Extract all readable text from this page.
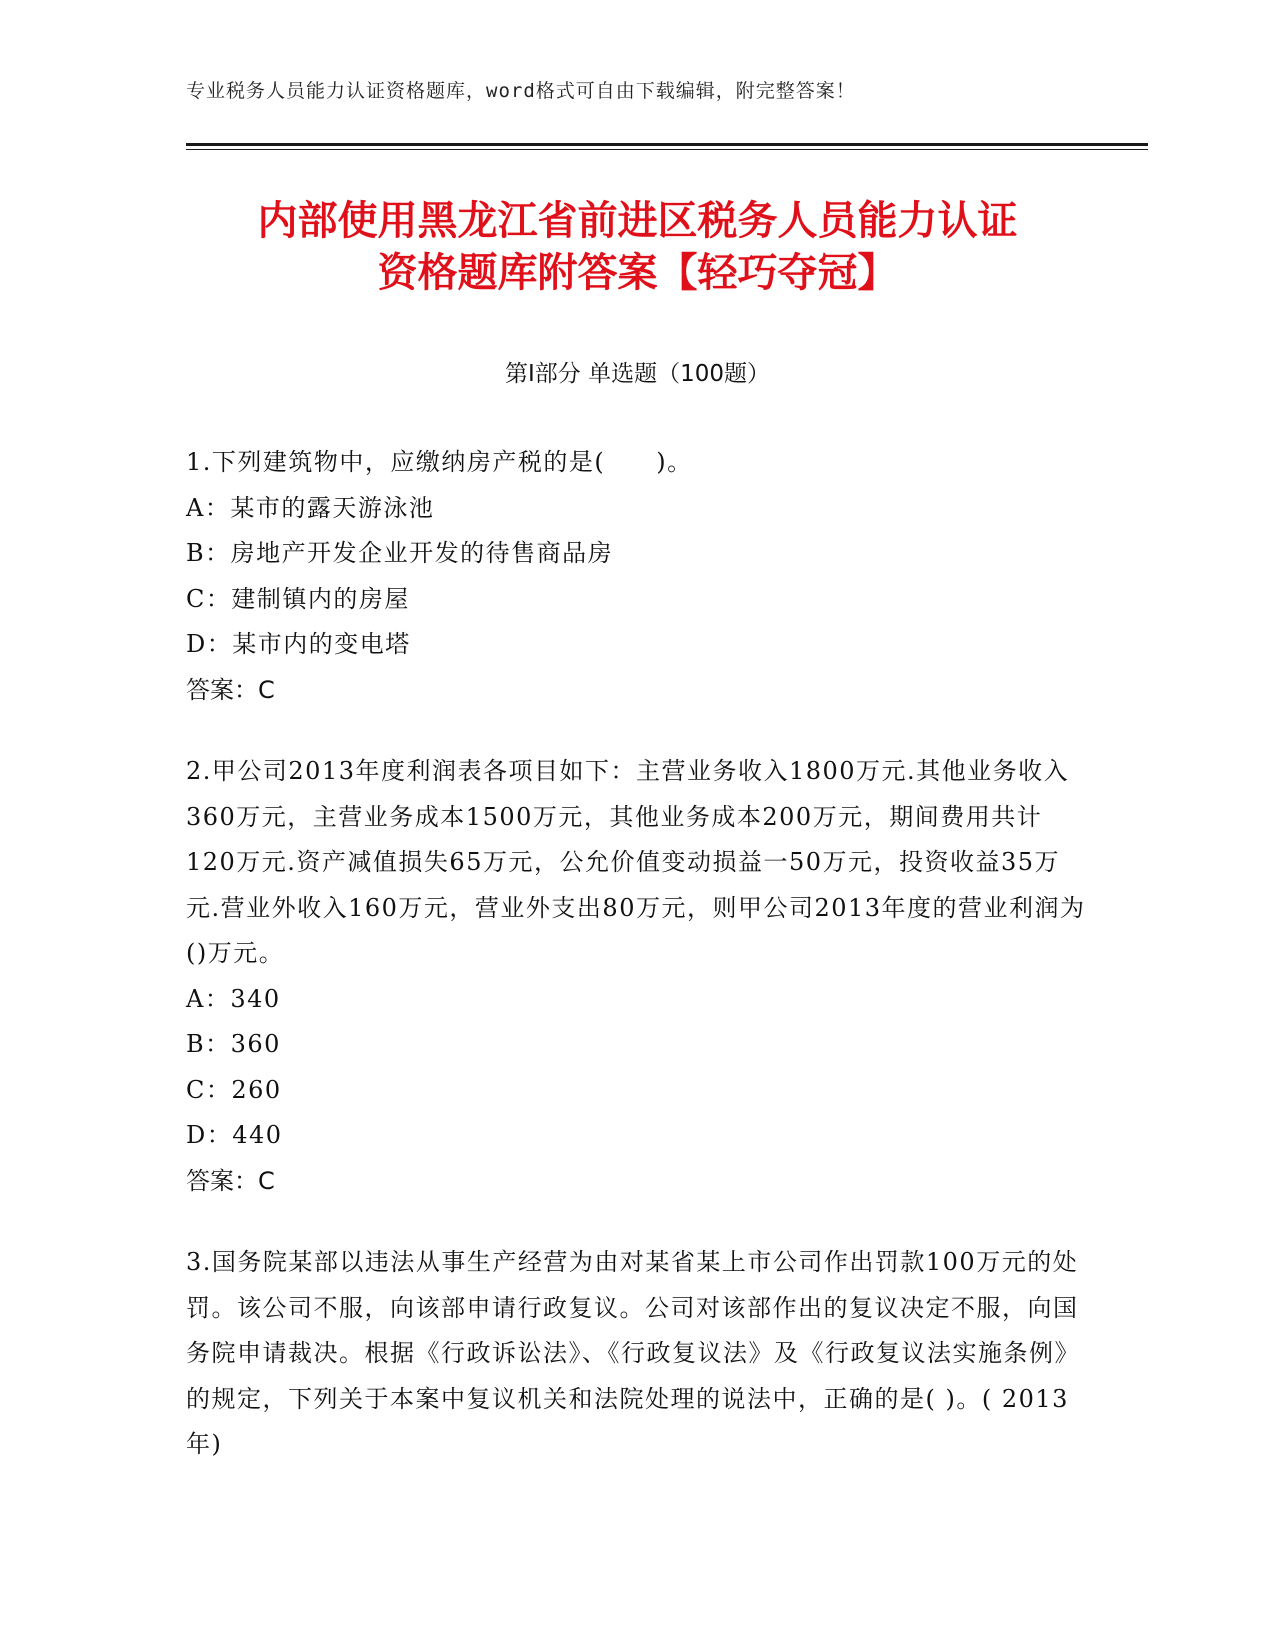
专业税务人员能力认证资格题库，word格式可自由下载编辑，附完整答案！
内部使用黑龙江省前进区税务人员能力认证
资格题库附答案【轻巧夺冠】
第Ⅰ部分 单选题（100题）

1.下列建筑物中，应缴纳房产税的是(　　)。

A：某市的露天游泳池

B：房地产开发企业开发的待售商品房

C：建制镇内的房屋

D：某市内的变电塔

答案：C

2.甲公司2013年度利润表各项目如下：主营业务收入1800万元.其他业务收入360万元，主营业务成本1500万元，其他业务成本200万元，期间费用共计120万元.资产减值损失65万元，公允价值变动损益一50万元，投资收益35万元.营业外收入160万元，营业外支出80万元，则甲公司2013年度的营业利润为()万元。

A：340

B：360

C：260

D：440

答案：C

3.国务院某部以违法从事生产经营为由对某省某上市公司作出罚款100万元的处罚。该公司不服，向该部申请行政复议。公司对该部作出的复议决定不服，向国务院申请裁决。根据《行政诉讼法》、《行政复议法》及《行政复议法实施条例》的规定，下列关于本案中复议机关和法院处理的说法中，正确的是( )。( 2013年)
